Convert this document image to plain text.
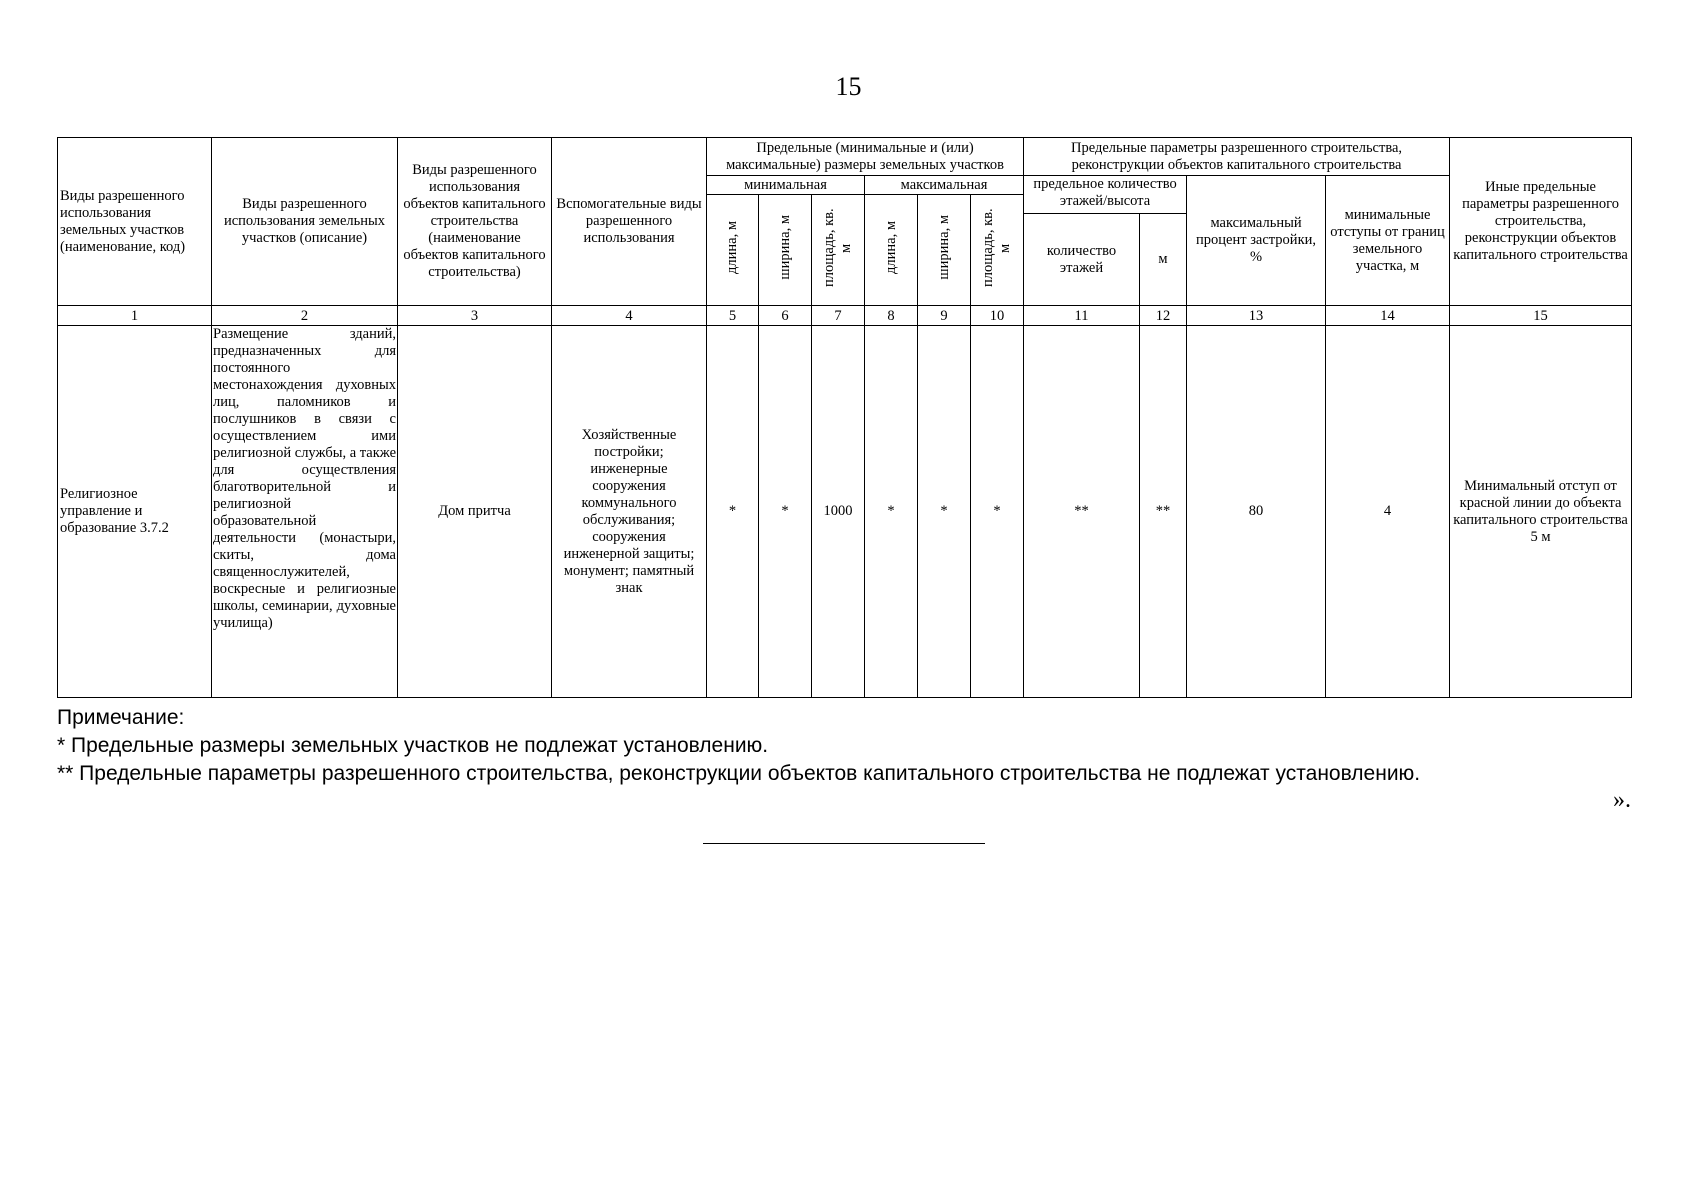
15
Виды разрешенного использования земельных участков (наименование, код)	Виды разрешенного использования земельных участков (описание)	Виды разрешенного использования объектов капитального строительства (наименование объектов капитального строительства)	Вспомогательные виды разрешенного использования	Предельные (минимальные и (или) максимальные) размеры земельных участков						Предельные параметры разрешенного строительства, реконструкции объектов капитального строительства				Иные предельные параметры разрешенного строительства, реконструкции объектов капитального строительства
				минимальная			максимальная			предельное количество этажей/высота		максимальный процент застройки, %	минимальные отступы от границ земельного участка, м	
				длина, м	ширина, м	площадь, кв. м	длина, м	ширина, м	площадь, кв. м					
										количество этажей	м			
1	2	3	4	5	6	7	8	9	10	11	12	13	14	15
Религиозное управление и образование 3.7.2	Размещение зданий, предназначенных для постоянного местонахождения духовных лиц, паломников и послушников в связи с осуществлением ими религиозной службы, а также для осуществления благотворительной и религиозной образовательной деятельности (монастыри, скиты, дома священнослужителей, воскресные и религиозные школы, семинарии, духовные училища)	Дом притча	Хозяйственные постройки; инженерные сооружения коммунального обслуживания; сооружения инженерной защиты; монумент; памятный знак	*	*	1000	*	*	*	**	**	80	4	Минимальный отступ от красной линии до объекта капитального строительства 5 м
Примечание:
* Предельные размеры земельных участков не подлежат установлению.
** Предельные параметры разрешенного строительства, реконструкции объектов капитального строительства не подлежат установлению.
».
